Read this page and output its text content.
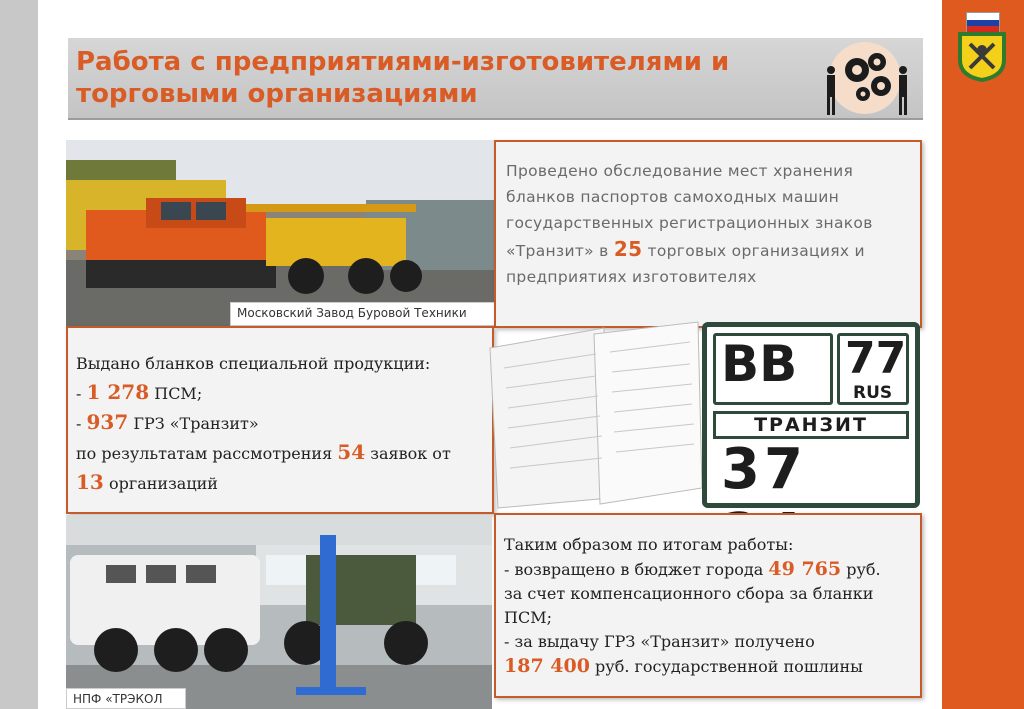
Работа с предприятиями-изготовителями и торговыми организациями
Московский Завод Буровой Техники
Проведено обследование мест хранения бланков паспортов самоходных машин государственных регистрационных знаков «Транзит» в 25 торговых организациях и предприятиях изготовителях
Выдано бланков специальной продукции:
- 1 278 ПСМ;
- 937 ГРЗ «Транзит»
по результатам рассмотрения 54 заявок от
13 организаций
BB 77
RUS
ТРАНЗИТ
37
НПФ «ТРЭКОЛ
Таким образом по итогам работы:
- возвращено в бюджет города 49 765 руб.
за счет компенсационного сбора за бланки ПСМ;
- за выдачу ГРЗ «Транзит» получено
187 400 руб. государственной пошлины
